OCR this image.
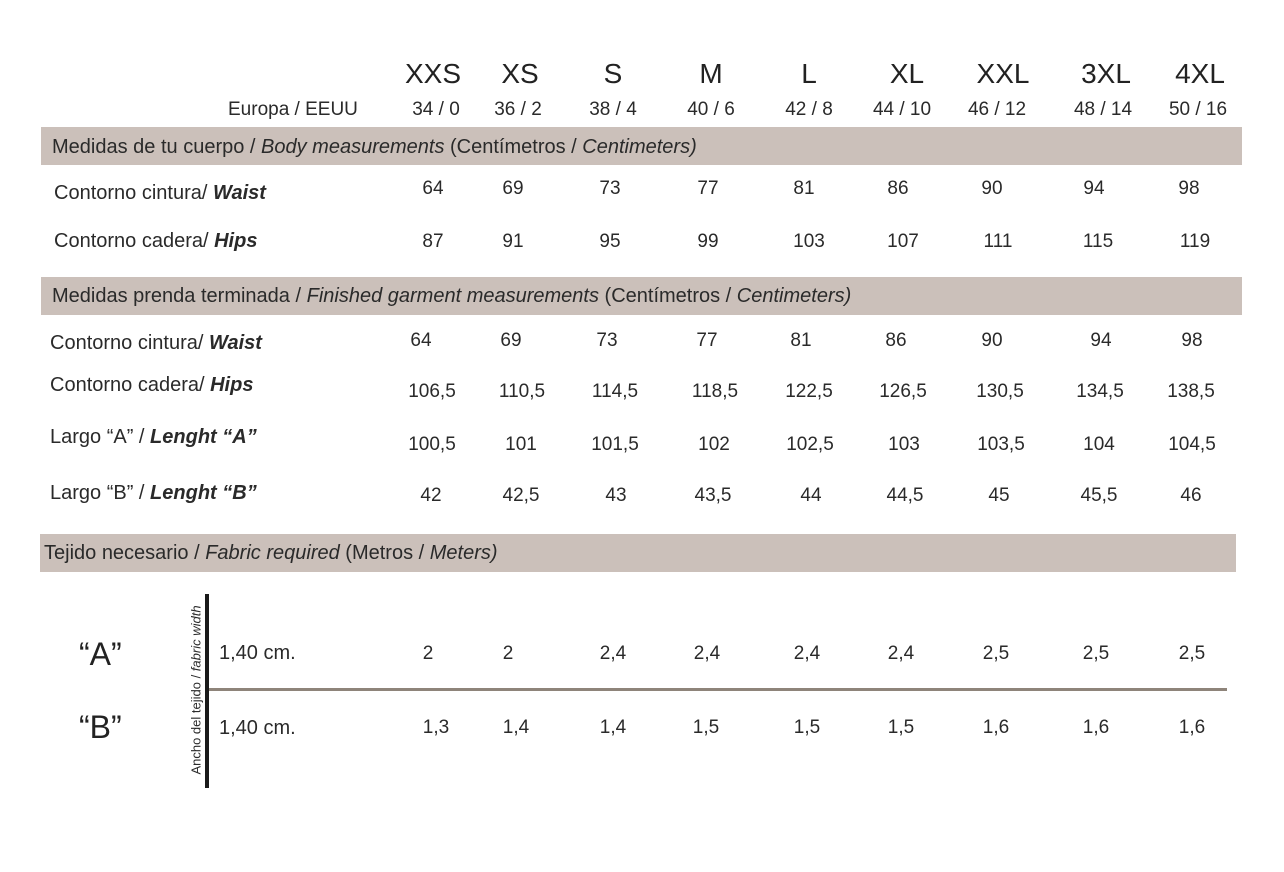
XXS XS S	M	L	XL XXL 3XL 4XL
Europa / EEUU	34 / 0 36 / 2 38 / 4	40 / 6	42 / 8 44 / 10 46 / 12	48 / 14 50 / 16
Medidas de tu cuerpo / Body measurements (Centímetros / Centimeters)
Contorno cintura/ Waist	64	69	73	77	81	86	90	94	98
Contorno cadera/ Hips	87	91	95	99	103	107	111	115	119
Medidas prenda terminada / Finished garment measurements (Centímetros / Centimeters)
Contorno cintura/ Waist	64	69	73	77	81	86	90	94	98
Contorno cadera/ Hips	106,5 110,5 114,5	118,5 122,5 126,5	130,5	134,5 138,5
Largo “A” / Lenght “A”	100,5	101	101,5	102	102,5	103	103,5	104	104,5
Largo “B” / Lenght “B”	42	42,5	43	43,5	44	44,5	45	45,5	46
Tejido necesario / Fabric required (Metros / Meters)
Ancho del tejido / fabric width
“A”	1,40 cm.	2	2	2,4	2,4	2,4	2,4	2,5	2,5	2,5
“B”	1,40 cm.	1,3	1,4	1,4	1,5	1,5	1,5	1,6	1,6	1,6
